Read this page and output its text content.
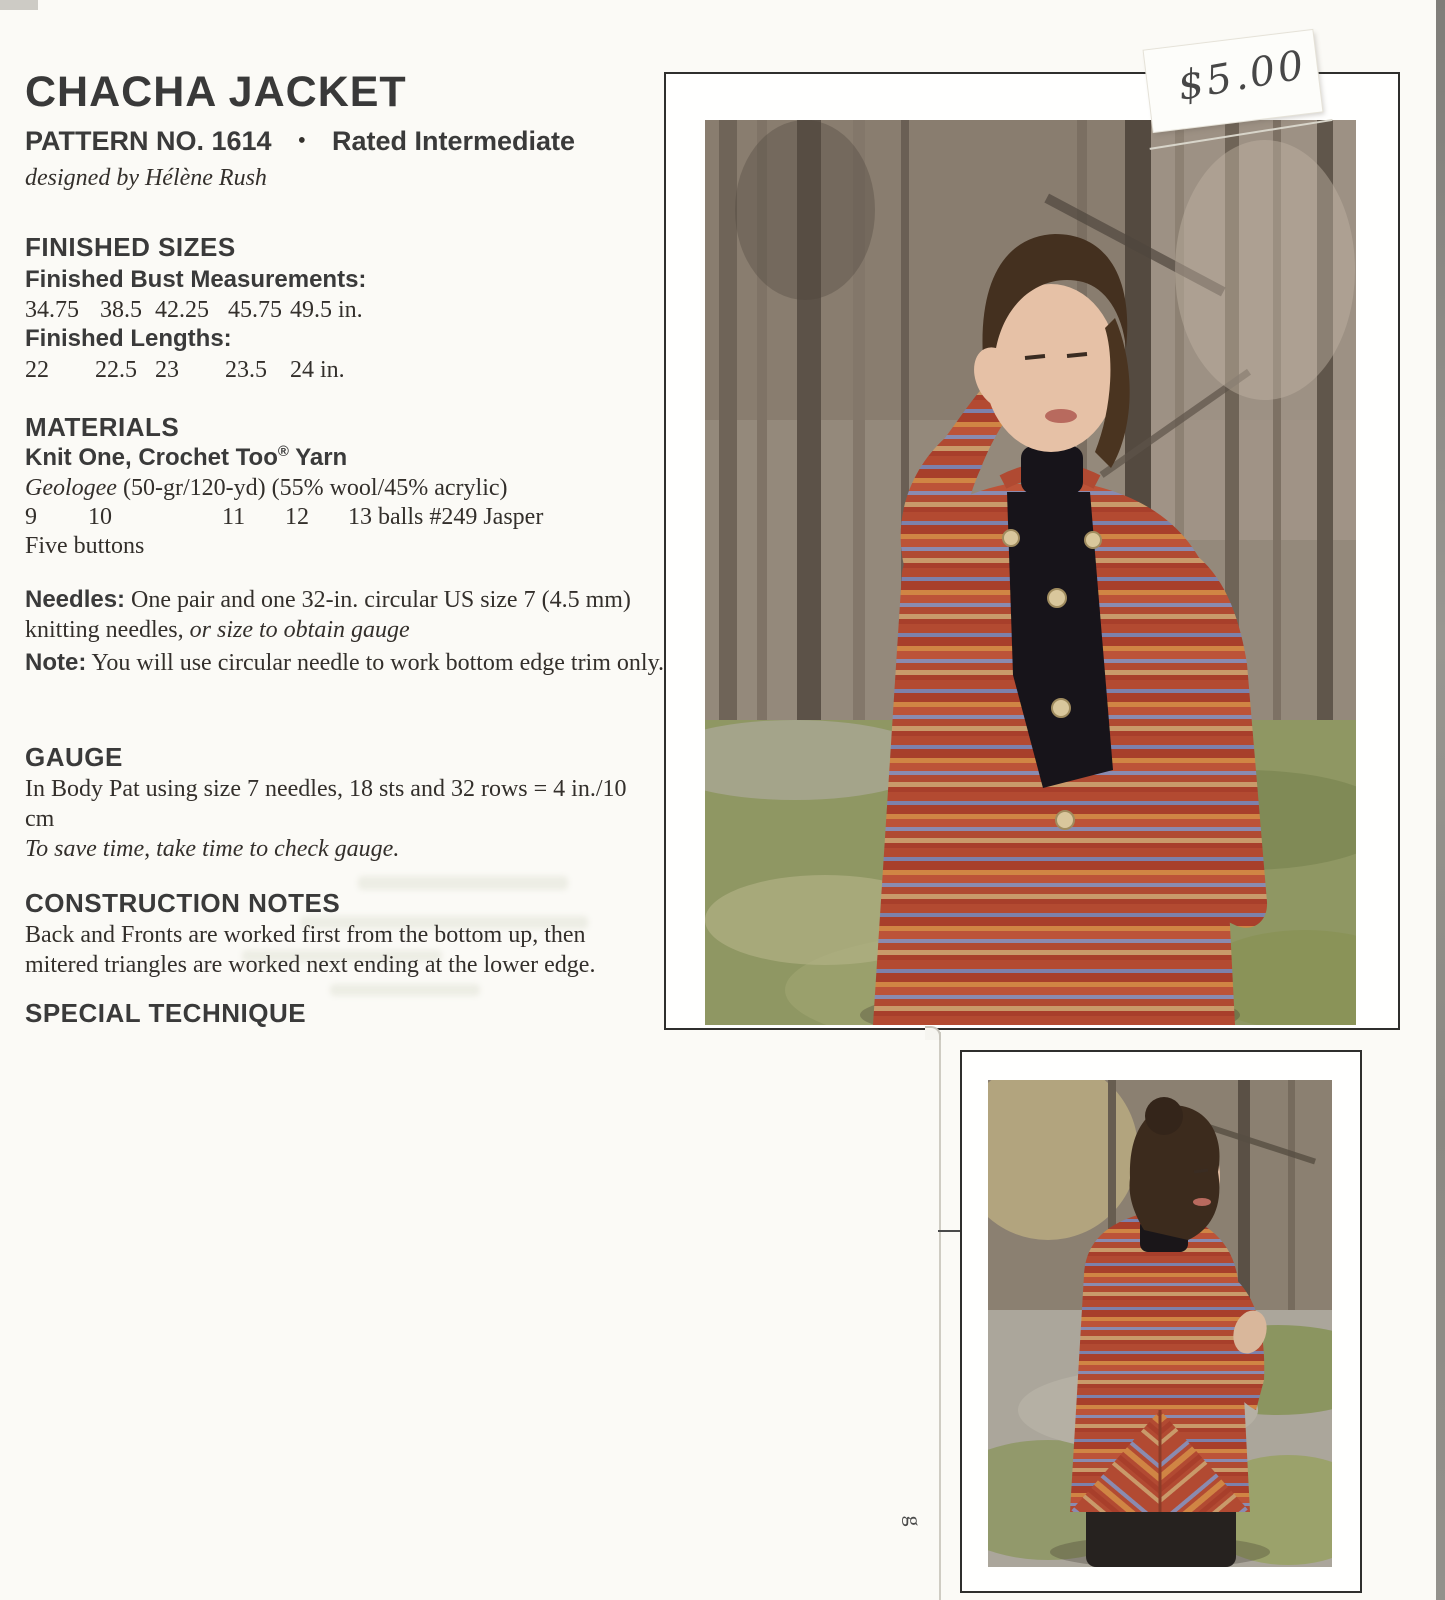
CHACHA JACKET
PATTERN NO. 1614 • Rated Intermediate
designed by Hélène Rush
FINISHED SIZES
Finished Bust Measurements:
34.75 38.5 42.25 45.75 49.5 in.
Finished Lengths:
22 22.5 23 23.5 24 in.
MATERIALS
Knit One, Crochet Too® Yarn
Geologee (50-gr/120-yd) (55% wool/45% acrylic)
9 10	11 12 13 balls #249 Jasper
Five buttons
Needles: One pair and one 32-in. circular US size 7 (4.5 mm) knitting needles, or size to obtain gauge
Note: You will use circular needle to work bottom edge trim only.
GAUGE
In Body Pat using size 7 needles, 18 sts and 32 rows = 4 in./10
cm
To save time, take time to check gauge.
CONSTRUCTION NOTES
Back and Fronts are worked first from the bottom up, then
mitered triangles are worked next ending at the lower edge.
SPECIAL TECHNIQUE
$5.00
g
